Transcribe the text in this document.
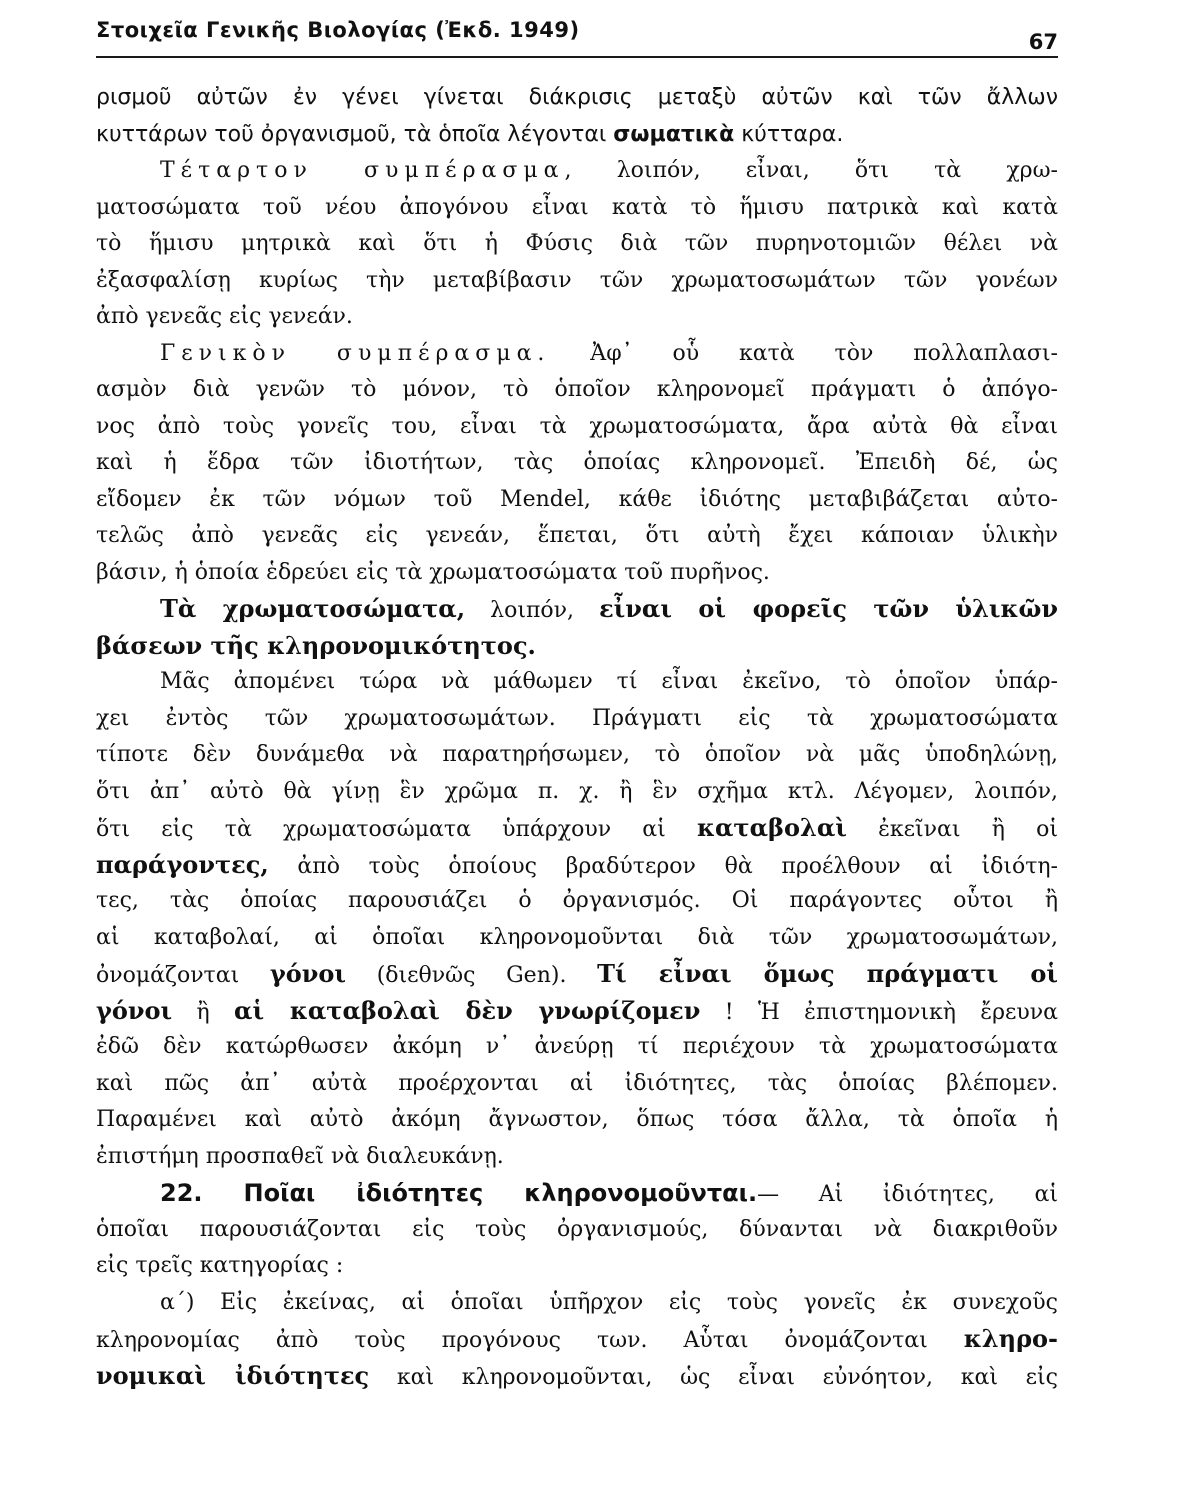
Στοιχεῖα Γενικῆς Βιολογίας (Ἐκδ. 1949)	67
ρισμοῦ αὐτῶν ἐν γένει γίνεται διάκρισις μεταξὺ αὐτῶν καὶ τῶν ἄλλων
κυττάρων τοῦ ὀργανισμοῦ, τὰ ὁποῖα λέγονται σωματικὰ κύτταρα.
Τέταρτον συμπέρασμα, λοιπόν, εἶναι, ὅτι τὰ χρω-
ματοσώματα τοῦ νέου ἀπογόνου εἶναι κατὰ τὸ ἥμισυ πατρικὰ καὶ κατὰ
τὸ ἥμισυ μητρικὰ καὶ ὅτι ἡ Φύσις διὰ τῶν πυρηνοτομιῶν θέλει νὰ
ἐξασφαλίσῃ κυρίως τὴν μεταβίβασιν τῶν χρωματοσωμάτων τῶν γονέων
ἀπὸ γενεᾶς εἰς γενεάν.
Γενικὸν συμπέρασμα. Ἀφ᾽ οὗ κατὰ τὸν πολλαπλασι-
ασμὸν διὰ γενῶν τὸ μόνον, τὸ ὁποῖον κληρονομεῖ πράγματι ὁ ἀπόγο-
νος ἀπὸ τοὺς γονεῖς του, εἶναι τὰ χρωματοσώματα, ἄρα αὐτὰ θὰ εἶναι
καὶ ἡ ἕδρα τῶν ἰδιοτήτων, τὰς ὁποίας κληρονομεῖ. Ἐπειδὴ δέ, ὡς
εἴδομεν ἐκ τῶν νόμων τοῦ Mendel, κάθε ἰδιότης μεταβιβάζεται αὐτο-
τελῶς ἀπὸ γενεᾶς εἰς γενεάν, ἕπεται, ὅτι αὐτὴ ἔχει κάποιαν ὑλικὴν
βάσιν, ἡ ὁποία ἑδρεύει εἰς τὰ χρωματοσώματα τοῦ πυρῆνος.
Τὰ χρωματοσώματα, λοιπόν, εἶναι οἱ φορεῖς τῶν ὑλικῶν
βάσεων τῆς κληρονομικότητος.
Μᾶς ἀπομένει τώρα νὰ μάθωμεν τί εἶναι ἐκεῖνο, τὸ ὁποῖον ὑπάρ-
χει ἐντὸς τῶν χρωματοσωμάτων. Πράγματι εἰς τὰ χρωματοσώματα
τίποτε δὲν δυνάμεθα νὰ παρατηρήσωμεν, τὸ ὁποῖον νὰ μᾶς ὑποδηλώνῃ,
ὅτι ἀπ᾽ αὐτὸ θὰ γίνῃ ἓν χρῶμα π. χ. ἢ ἓν σχῆμα κτλ. Λέγομεν, λοιπόν,
ὅτι εἰς τὰ χρωματοσώματα ὑπάρχουν αἱ καταβολαὶ ἐκεῖναι ἢ οἱ
παράγοντες, ἀπὸ τοὺς ὁποίους βραδύτερον θὰ προέλθουν αἱ ἰδιότη-
τες, τὰς ὁποίας παρουσιάζει ὁ ὀργανισμός. Οἱ παράγοντες οὗτοι ἢ
αἱ καταβολαί, αἱ ὁποῖαι κληρονομοῦνται διὰ τῶν χρωματοσωμάτων,
ὀνομάζονται γόνοι (διεθνῶς Gen). Τί εἶναι ὅμως πράγματι οἱ
γόνοι ἢ αἱ καταβολαὶ δὲν γνωρίζομεν ! Ἡ ἐπιστημονικὴ ἔρευνα
ἐδῶ δὲν κατώρθωσεν ἀκόμη ν᾽ ἀνεύρῃ τί περιέχουν τὰ χρωματοσώματα
καὶ πῶς ἀπ᾽ αὐτὰ προέρχονται αἱ ἰδιότητες, τὰς ὁποίας βλέπομεν.
Παραμένει καὶ αὐτὸ ἀκόμη ἄγνωστον, ὅπως τόσα ἄλλα, τὰ ὁποῖα ἡ
ἐπιστήμη προσπαθεῖ νὰ διαλευκάνῃ.
22. Ποῖαι ἰδιότητες κληρονομοῦνται.— Αἱ ἰδιότητες, αἱ
ὁποῖαι παρουσιάζονται εἰς τοὺς ὀργανισμούς, δύνανται νὰ διακριθοῦν
εἰς τρεῖς κατηγορίας :
α΄) Εἰς ἐκείνας, αἱ ὁποῖαι ὑπῆρχον εἰς τοὺς γονεῖς ἐκ συνεχοῦς
κληρονομίας ἀπὸ τοὺς προγόνους των. Αὗται ὀνομάζονται κληρο-
νομικαὶ ἰδιότητες καὶ κληρονομοῦνται, ὡς εἶναι εὐνόητον, καὶ εἰς
